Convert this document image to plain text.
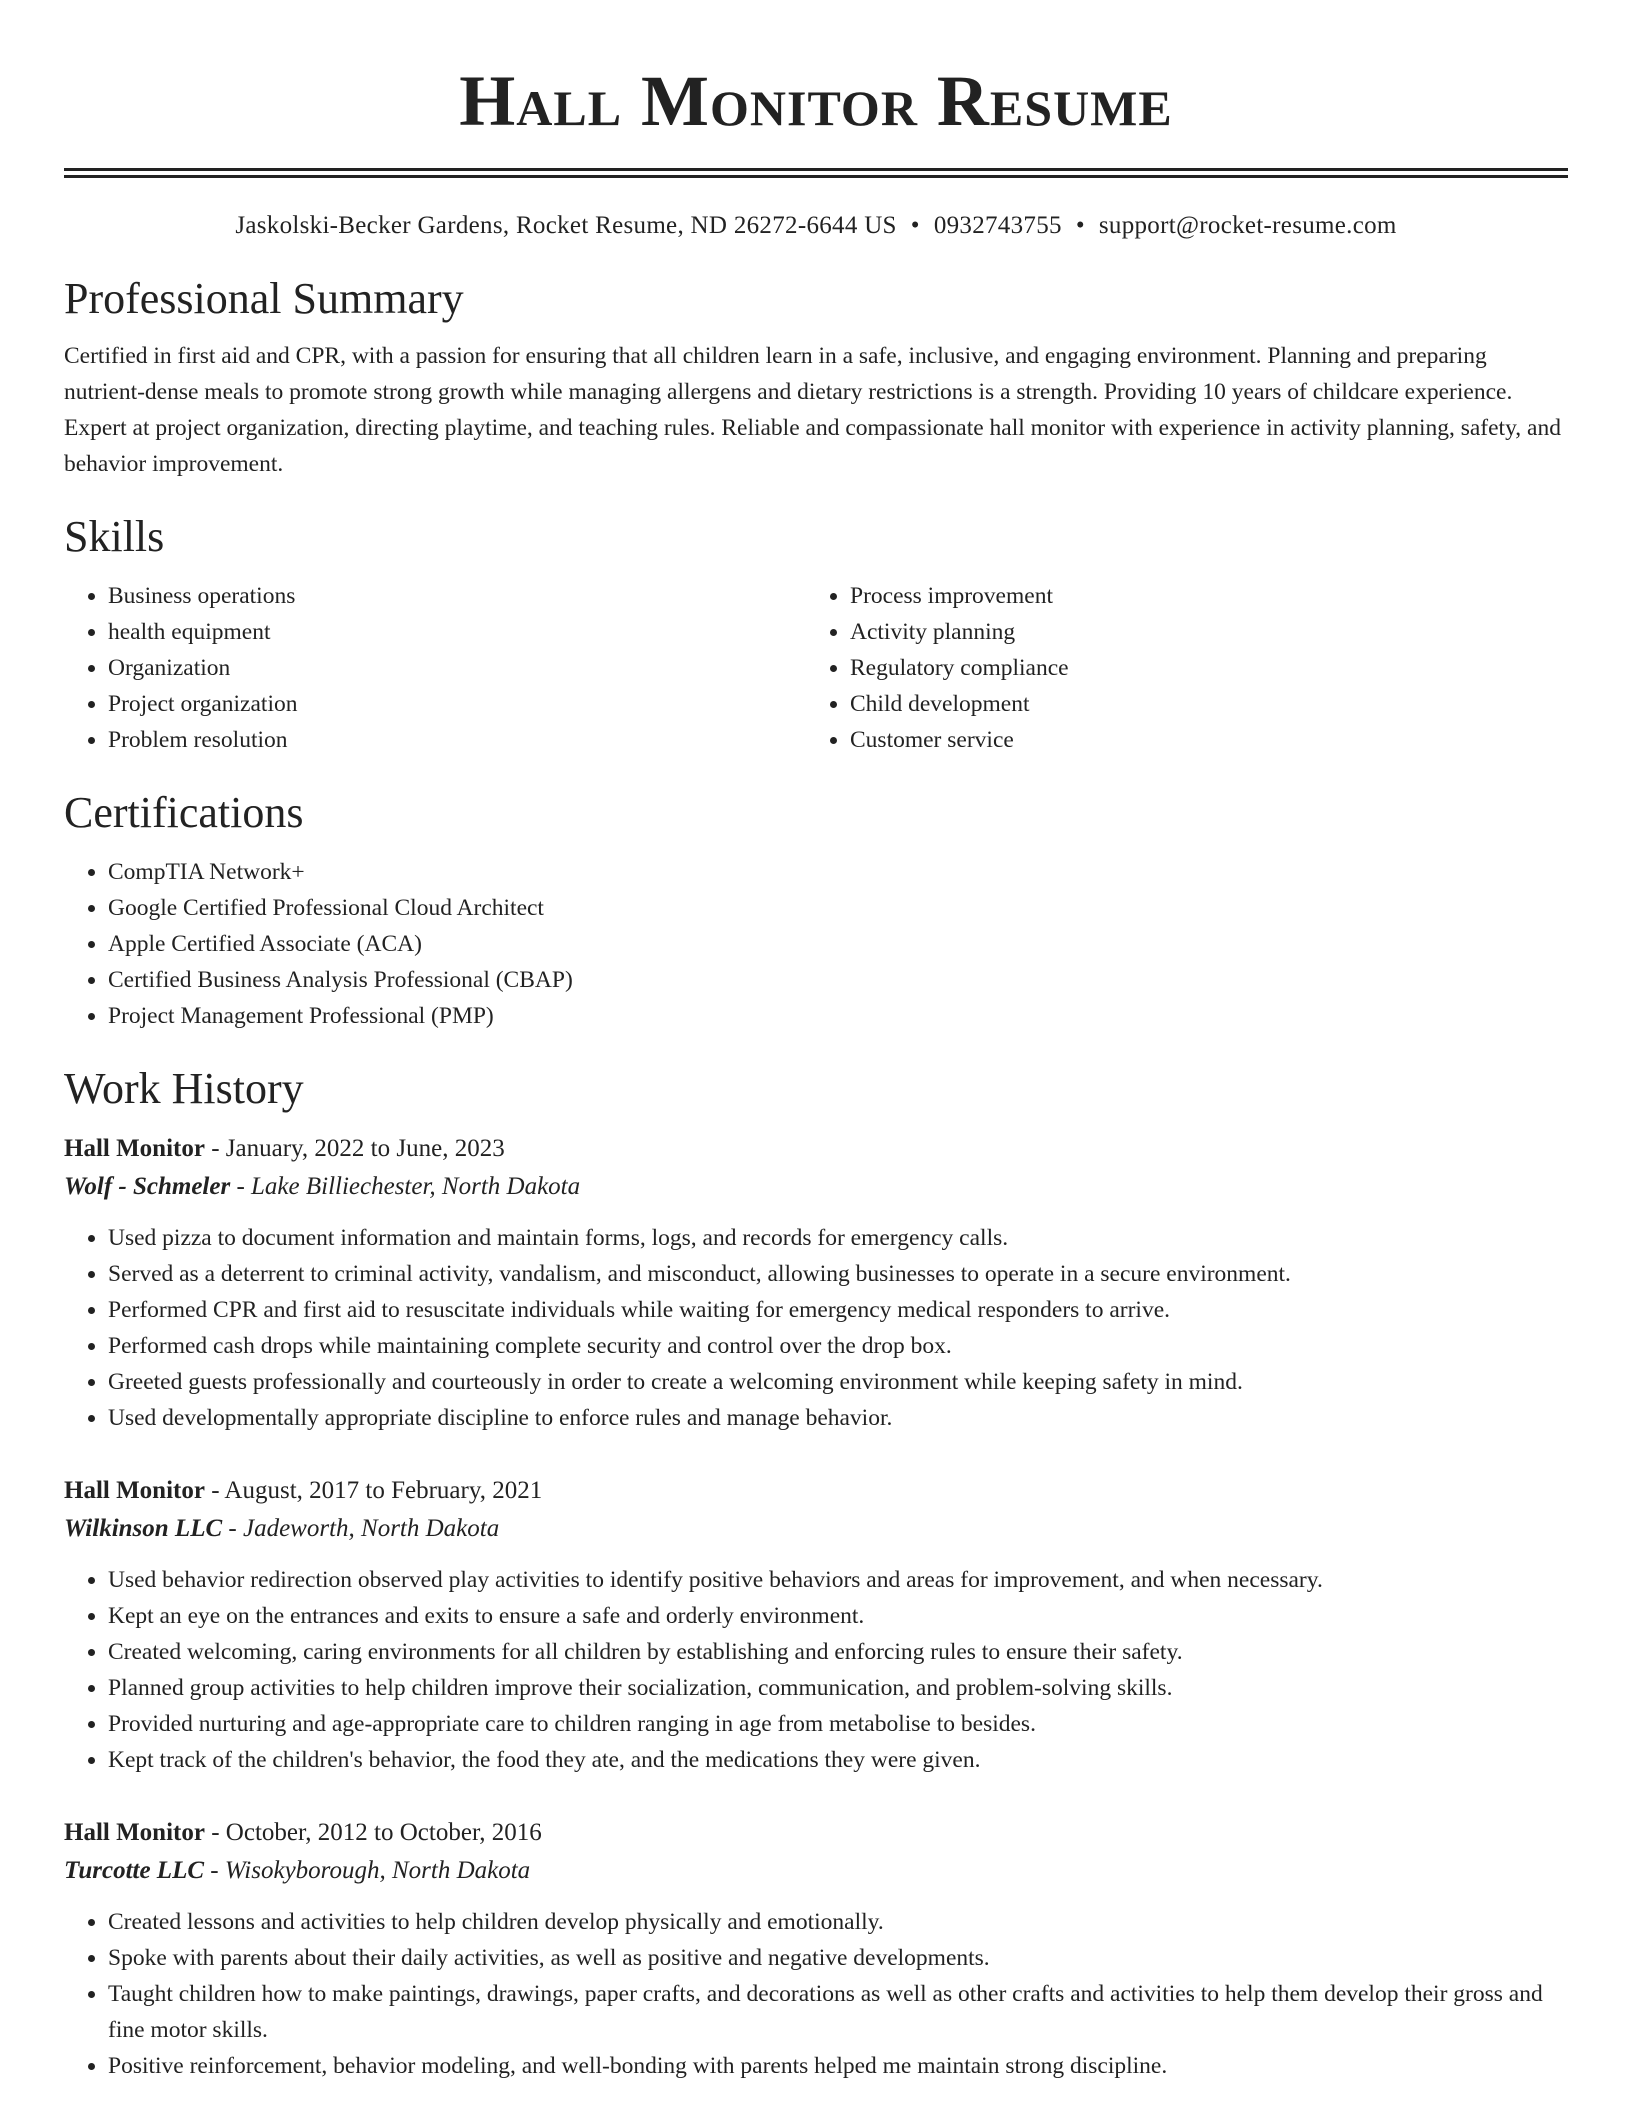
Hall Monitor Resume
Jaskolski-Becker Gardens, Rocket Resume, ND 26272-6644 US • 0932743755 • support@rocket-resume.com
Professional Summary

Certified in first aid and CPR, with a passion for ensuring that all children learn in a safe, inclusive, and engaging environment. Planning and preparing nutrient-dense meals to promote strong growth while managing allergens and dietary restrictions is a strength. Providing 10 years of childcare experience. Expert at project organization, directing playtime, and teaching rules. Reliable and compassionate hall monitor with experience in activity planning, safety, and behavior improvement.

Skills
• Business operations
• health equipment
• Organization
• Project organization
• Problem resolution
• Process improvement
• Activity planning
• Regulatory compliance
• Child development
• Customer service
Certifications
• CompTIA Network+
• Google Certified Professional Cloud Architect
• Apple Certified Associate (ACA)
• Certified Business Analysis Professional (CBAP)
• Project Management Professional (PMP)
Work History
Hall Monitor - January, 2022 to June, 2023
Wolf - Schmeler - Lake Billiechester, North Dakota
• Used pizza to document information and maintain forms, logs, and records for emergency calls.
• Served as a deterrent to criminal activity, vandalism, and misconduct, allowing businesses to operate in a secure environment.
• Performed CPR and first aid to resuscitate individuals while waiting for emergency medical responders to arrive.
• Performed cash drops while maintaining complete security and control over the drop box.
• Greeted guests professionally and courteously in order to create a welcoming environment while keeping safety in mind.
• Used developmentally appropriate discipline to enforce rules and manage behavior.
Hall Monitor - August, 2017 to February, 2021
Wilkinson LLC - Jadeworth, North Dakota
• Used behavior redirection observed play activities to identify positive behaviors and areas for improvement, and when necessary.
• Kept an eye on the entrances and exits to ensure a safe and orderly environment.
• Created welcoming, caring environments for all children by establishing and enforcing rules to ensure their safety.
• Planned group activities to help children improve their socialization, communication, and problem-solving skills.
• Provided nurturing and age-appropriate care to children ranging in age from metabolise to besides.
• Kept track of the children's behavior, the food they ate, and the medications they were given.
Hall Monitor - October, 2012 to October, 2016
Turcotte LLC - Wisokyborough, North Dakota
• Created lessons and activities to help children develop physically and emotionally.
• Spoke with parents about their daily activities, as well as positive and negative developments.
• Taught children how to make paintings, drawings, paper crafts, and decorations as well as other crafts and activities to help them develop their gross and fine motor skills.
• Positive reinforcement, behavior modeling, and well-bonding with parents helped me maintain strong discipline.
